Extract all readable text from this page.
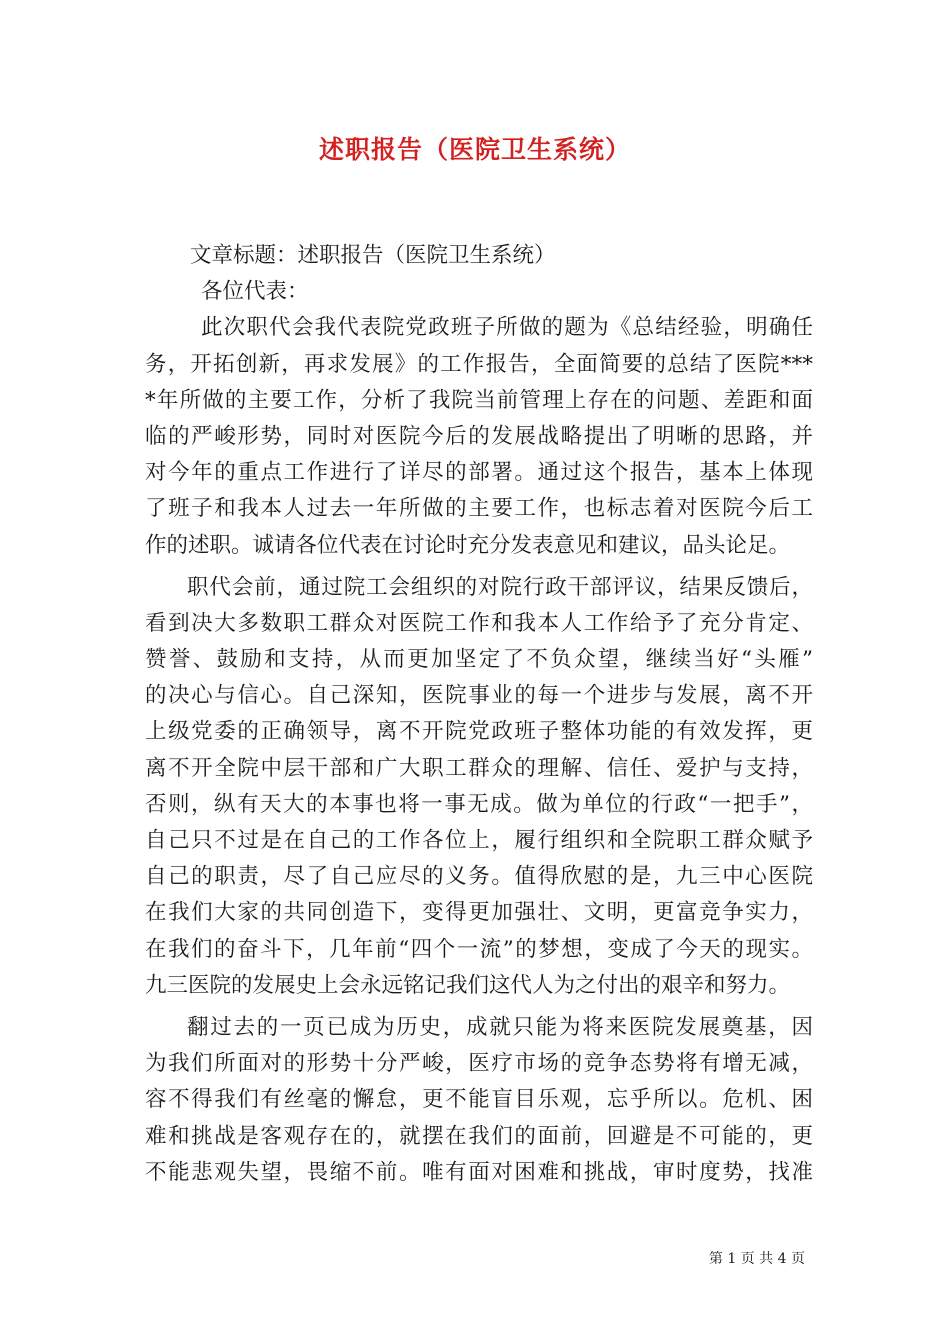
述职报告（医院卫生系统）
文章标题：述职报告（医院卫生系统）
各位代表：
此次职代会我代表院党政班子所做的题为《总结经验，明确任
务，开拓创新，再求发展》的工作报告，全面简要的总结了医院***
*年所做的主要工作，分析了我院当前管理上存在的问题、差距和面
临的严峻形势，同时对医院今后的发展战略提出了明晰的思路，并
对今年的重点工作进行了详尽的部署。通过这个报告，基本上体现
了班子和我本人过去一年所做的主要工作，也标志着对医院今后工
作的述职。诚请各位代表在讨论时充分发表意见和建议，品头论足。
职代会前，通过院工会组织的对院行政干部评议，结果反馈后，
看到决大多数职工群众对医院工作和我本人工作给予了充分肯定、
赞誉、鼓励和支持，从而更加坚定了不负众望，继续当好“头雁”
的决心与信心。自己深知，医院事业的每一个进步与发展，离不开
上级党委的正确领导，离不开院党政班子整体功能的有效发挥，更
离不开全院中层干部和广大职工群众的理解、信任、爱护与支持，
否则，纵有天大的本事也将一事无成。做为单位的行政“一把手”，
自己只不过是在自己的工作各位上，履行组织和全院职工群众赋予
自己的职责，尽了自己应尽的义务。值得欣慰的是，九三中心医院
在我们大家的共同创造下，变得更加强壮、文明，更富竞争实力，
在我们的奋斗下，几年前“四个一流”的梦想，变成了今天的现实。
九三医院的发展史上会永远铭记我们这代人为之付出的艰辛和努力。
翻过去的一页已成为历史，成就只能为将来医院发展奠基，因
为我们所面对的形势十分严峻，医疗市场的竞争态势将有增无减，
容不得我们有丝毫的懈怠，更不能盲目乐观，忘乎所以。危机、困
难和挑战是客观存在的，就摆在我们的面前，回避是不可能的，更
不能悲观失望，畏缩不前。唯有面对困难和挑战，审时度势，找准
第 1 页 共 4 页
